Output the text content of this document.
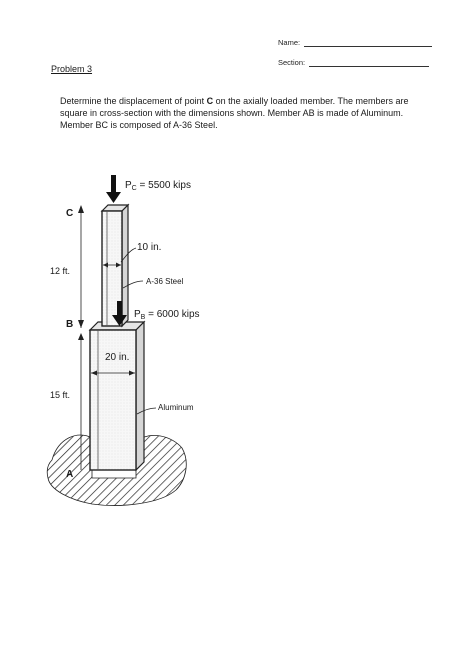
Name:
Section:
Problem 3
Determine the displacement of point C on the axially loaded member. The members are square in cross-section with the dimensions shown. Member AB is made of Aluminum. Member BC is composed of A-36 Steel.
$P_C = 5500$ kips
$P_B = 6000$ kips
C
B
A
12 ft.
15 ft.
10 in.
A-36 Steel
20 in.
Aluminum
